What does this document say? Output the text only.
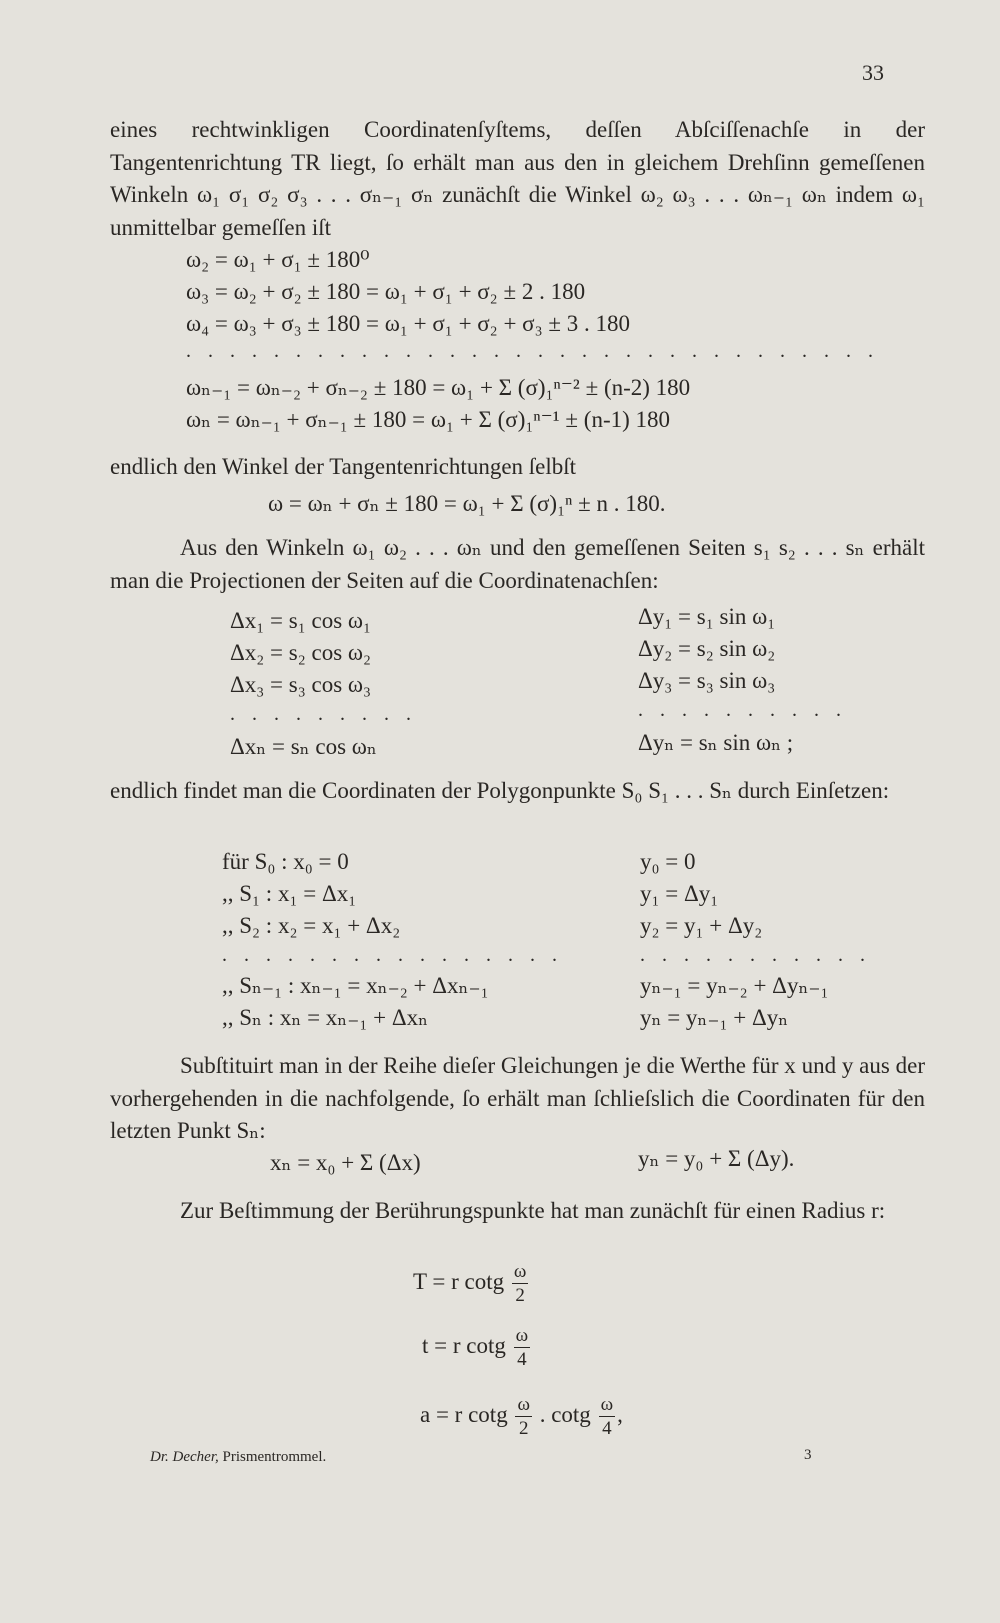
33

eines rechtwinkligen Coordinatenſyſtems, deſſen Abſciſſenachſe in der Tangentenrichtung TR liegt, ſo erhält man aus den in gleichem Drehſinn gemeſſenen Winkeln ω₁ σ₁ σ₂ σ₃ . . . σₙ₋₁ σₙ zunächſt die Winkel ω₂ ω₃ . . . ωₙ₋₁ ωₙ indem ω₁ unmittelbar gemeſſen iſt

ω₂ = ω₁ + σ₁ ± 180⁰
ω₃ = ω₂ + σ₂ ± 180 = ω₁ + σ₁ + σ₂ ± 2 . 180
ω₄ = ω₃ + σ₃ ± 180 = ω₁ + σ₁ + σ₂ + σ₃ ± 3 . 180
. . . . . . . . . . . . . . . . . . . . . . . . . . . . . . . .
ωₙ₋₁ = ωₙ₋₂ + σₙ₋₂ ± 180 = ω₁ + Σ (σ)₁ⁿ⁻² ± (n-2) 180
ωₙ = ωₙ₋₁ + σₙ₋₁ ± 180 = ω₁ + Σ (σ)₁ⁿ⁻¹ ± (n-1) 180

endlich den Winkel der Tangentenrichtungen ſelbſt

ω = ωₙ + σₙ ± 180 = ω₁ + Σ (σ)₁ⁿ ± n . 180.

Aus den Winkeln ω₁ ω₂ . . . ωₙ und den gemeſſenen Seiten s₁ s₂ . . . sₙ erhält man die Projectionen der Seiten auf die Coordinatenachſen:

Δx₁ = s₁ cos ω₁
Δx₂ = s₂ cos ω₂
Δx₃ = s₃ cos ω₃
. . . . . . . . .
Δxₙ = sₙ cos ωₙ
Δy₁ = s₁ sin ω₁
Δy₂ = s₂ sin ω₂
Δy₃ = s₃ sin ω₃
. . . . . . . . . .
Δyₙ = sₙ sin ωₙ ;

endlich findet man die Coordinaten der Polygonpunkte S₀ S₁ . . . Sₙ durch Einſetzen:

für S₀ : x₀ = 0
,, S₁ : x₁ = Δx₁
,, S₂ : x₂ = x₁ + Δx₂
. . . . . . . . . . . . . . . .
,, Sₙ₋₁ : xₙ₋₁ = xₙ₋₂ + Δxₙ₋₁
,, Sₙ : xₙ = xₙ₋₁ + Δxₙ
y₀ = 0
y₁ = Δy₁
y₂ = y₁ + Δy₂
. . . . . . . . . . .
yₙ₋₁ = yₙ₋₂ + Δyₙ₋₁
yₙ = yₙ₋₁ + Δyₙ

Subſtituirt man in der Reihe dieſer Gleichungen je die Werthe für x und y aus der vorhergehenden in die nachfolgende, ſo erhält man ſchlieſslich die Coordinaten für den letzten Punkt Sₙ:

xₙ = x₀ + Σ (Δx)	yₙ = y₀ + Σ (Δy).

Zur Beſtimmung der Berührungspunkte hat man zunächſt für einen Radius r:

T = r cotg $\frac{\omega}{2}$
t = r cotg $\frac{\omega}{4}$
a = r cotg $\frac{\omega}{2}$ . cotg $\frac{\omega}{4}$ ,
Dr. Decher, Prismentrommel.	3
